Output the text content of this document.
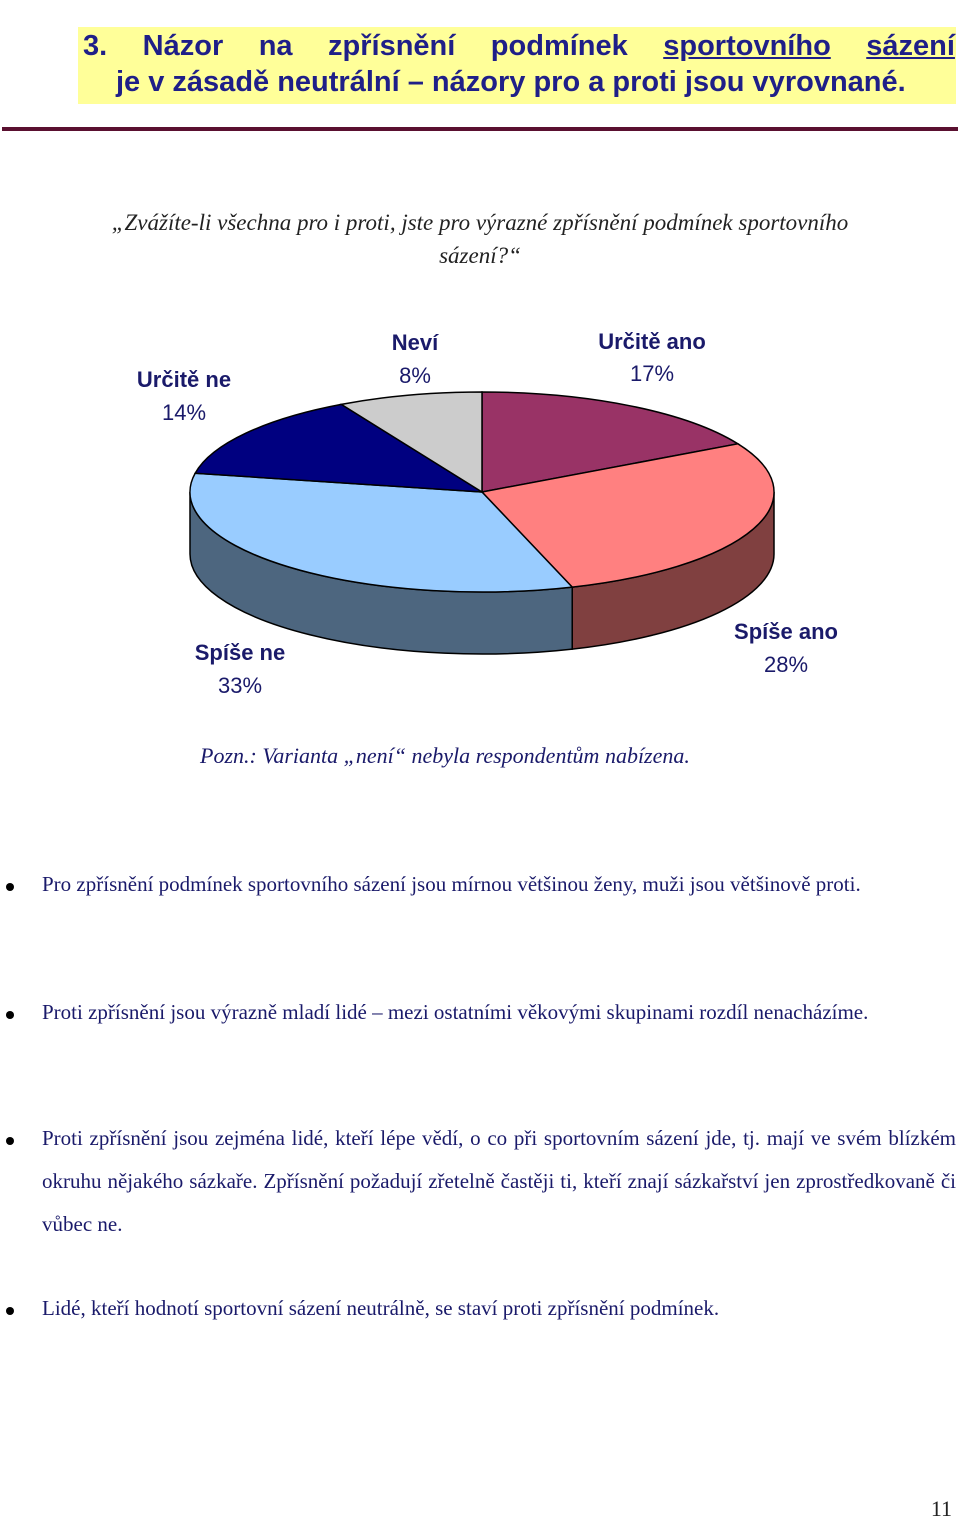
3. Názor na zpřísnění podmínek sportovního sázení
je v zásadě neutrální – názory pro a proti jsou vyrovnané.
„Zvážíte-li všechna pro i proti, jste pro výrazné zpřísnění podmínek sportovního
sázení?“
Určitě ano
17%
Spíše ano
28%
Spíše ne
33%
Určitě ne
14%
Neví
8%
Pozn.: Varianta „není“ nebyla respondentům nabízena.

Pro zpřísnění podmínek sportovního sázení jsou mírnou většinou ženy, muži jsou většinově proti.

Proti zpřísnění jsou výrazně mladí lidé – mezi ostatními věkovými skupinami rozdíl nenacházíme.

Proti zpřísnění jsou zejména lidé, kteří lépe vědí, o co při sportovním sázení jde, tj. mají ve svém blízkém okruhu nějakého sázkaře. Zpřísnění požadují zřetelně častěji ti, kteří znají sázkařství jen zprostředkovaně či vůbec ne.

Lidé, kteří hodnotí sportovní sázení neutrálně, se staví proti zpřísnění podmínek.

11
